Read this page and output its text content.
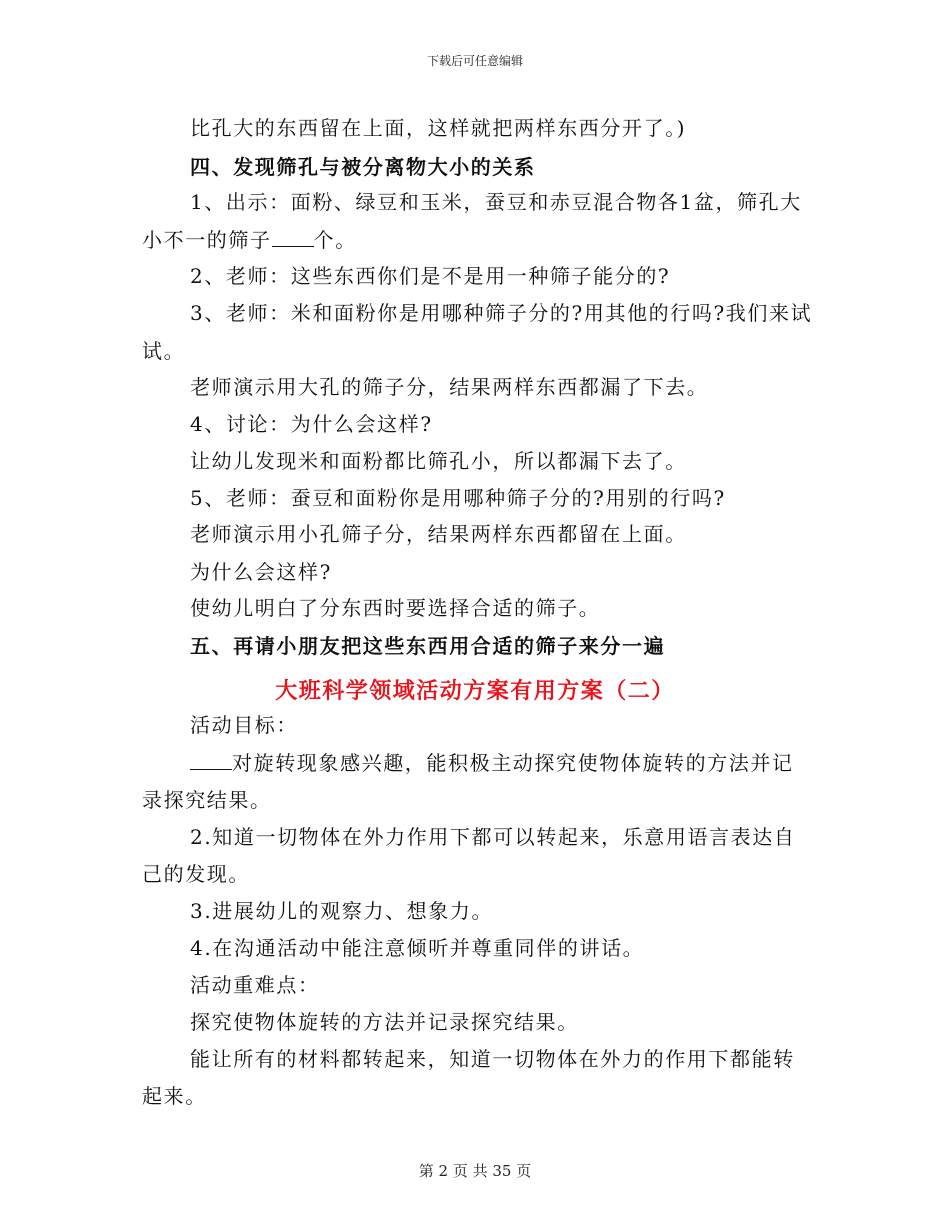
下载后可任意编辑
比孔大的东西留在上面，这样就把两样东西分开了。)
四、发现筛孔与被分离物大小的关系
1、出示：面粉、绿豆和玉米，蚕豆和赤豆混合物各1盆，筛孔大
小不一的筛子 个。
2、老师：这些东西你们是不是用一种筛子能分的?
3、老师：米和面粉你是用哪种筛子分的?用其他的行吗?我们来试
试。
老师演示用大孔的筛子分，结果两样东西都漏了下去。
4、讨论：为什么会这样?
让幼儿发现米和面粉都比筛孔小，所以都漏下去了。
5、老师：蚕豆和面粉你是用哪种筛子分的?用别的行吗?
老师演示用小孔筛子分，结果两样东西都留在上面。
为什么会这样?
使幼儿明白了分东西时要选择合适的筛子。
五、再请小朋友把这些东西用合适的筛子来分一遍
大班科学领域活动方案有用方案（二）
活动目标：
对旋转现象感兴趣，能积极主动探究使物体旋转的方法并记
录探究结果。
2.知道一切物体在外力作用下都可以转起来，乐意用语言表达自
己的发现。
3.进展幼儿的观察力、想象力。
4.在沟通活动中能注意倾听并尊重同伴的讲话。
活动重难点：
探究使物体旋转的方法并记录探究结果。
能让所有的材料都转起来，知道一切物体在外力的作用下都能转
起来。
第 2 页 共 35 页
